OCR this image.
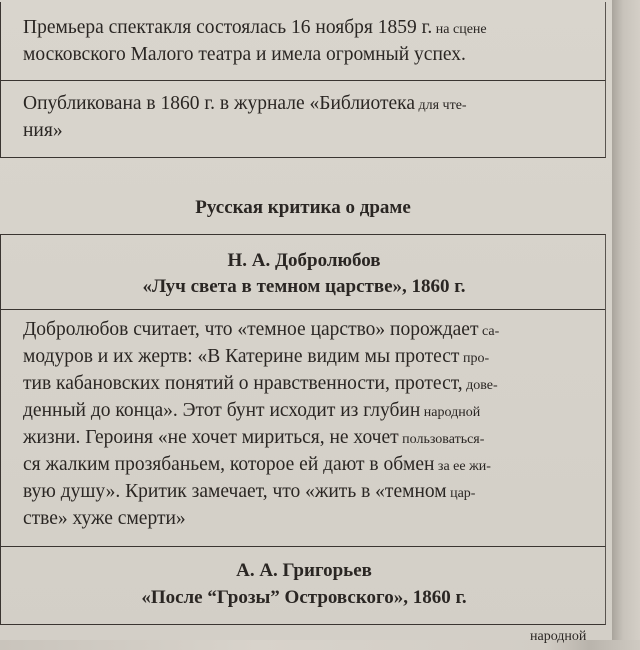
Премьера спектакля состоялась 16 ноября 1859 г. на сцене
московского Малого театра и имела огромный успех.
Опубликована в 1860 г. в журнале «Библиотека для чте-
ния»
Русская критика о драме
Н. А. Добролюбов
«Луч света в темном царстве», 1860 г.
Добролюбов считает, что «темное царство» порождает са-
модуров и их жертв: «В Катерине видим мы протест про-
тив кабановских понятий о нравственности, протест, дове-
денный до конца». Этот бунт исходит из глубин народной
жизни. Героиня «не хочет мириться, не хочет пользоваться-
ся жалким прозябаньем, которое ей дают в обмен за ее жи-
вую душу». Критик замечает, что «жить в «темном цар-
стве» хуже смерти»
А. А. Григорьев
«После “Грозы” Островского», 1860 г.
народной
